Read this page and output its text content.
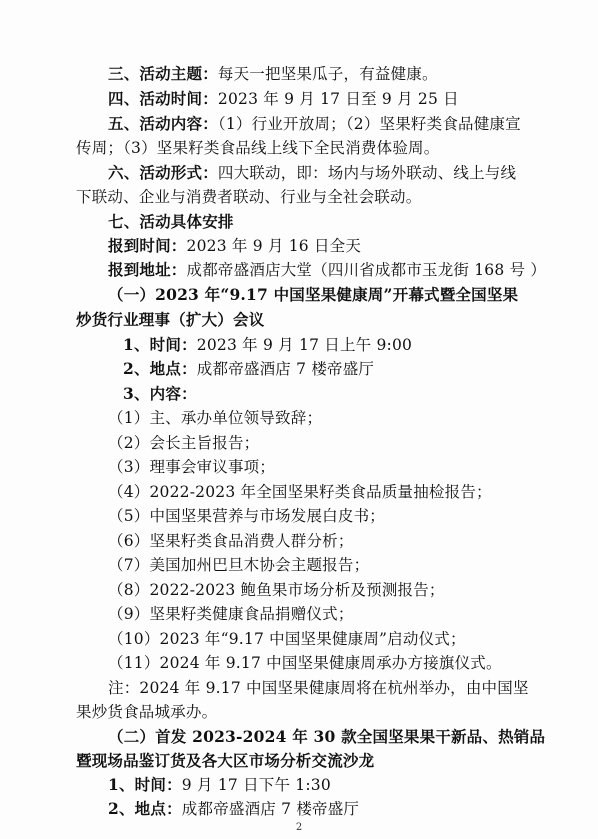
三、活动主题：每天一把坚果瓜子，有益健康。
四、活动时间：2023 年 9 月 17 日至 9 月 25 日
五、活动内容：（1）行业开放周；（2）坚果籽类食品健康宣
传周；（3）坚果籽类食品线上线下全民消费体验周。
六、活动形式：四大联动，即：场内与场外联动、线上与线
下联动、企业与消费者联动、行业与全社会联动。
七、活动具体安排
报到时间：2023 年 9 月 16 日全天
报到地址：成都帝盛酒店大堂（四川省成都市玉龙街 168 号 ）
（一）2023 年“9.17 中国坚果健康周”开幕式暨全国坚果
炒货行业理事（扩大）会议
1、时间：2023 年 9 月 17 日上午 9:00
2、地点：成都帝盛酒店 7 楼帝盛厅
3、内容：
（1）主、承办单位领导致辞；
（2）会长主旨报告；
（3）理事会审议事项；
（4）2022-2023 年全国坚果籽类食品质量抽检报告；
（5）中国坚果营养与市场发展白皮书；
（6）坚果籽类食品消费人群分析；
（7）美国加州巴旦木协会主题报告；
（8）2022-2023 鲍鱼果市场分析及预测报告；
（9）坚果籽类健康食品捐赠仪式；
（10）2023 年“9.17 中国坚果健康周”启动仪式；
（11）2024 年 9.17 中国坚果健康周承办方接旗仪式。
注：2024 年 9.17 中国坚果健康周将在杭州举办，由中国坚
果炒货食品城承办。
（二）首发 2023-2024 年 30 款全国坚果果干新品、热销品
暨现场品鉴订货及各大区市场分析交流沙龙
1、时间：9 月 17 日下午 1:30
2、地点：成都帝盛酒店 7 楼帝盛厅
2
